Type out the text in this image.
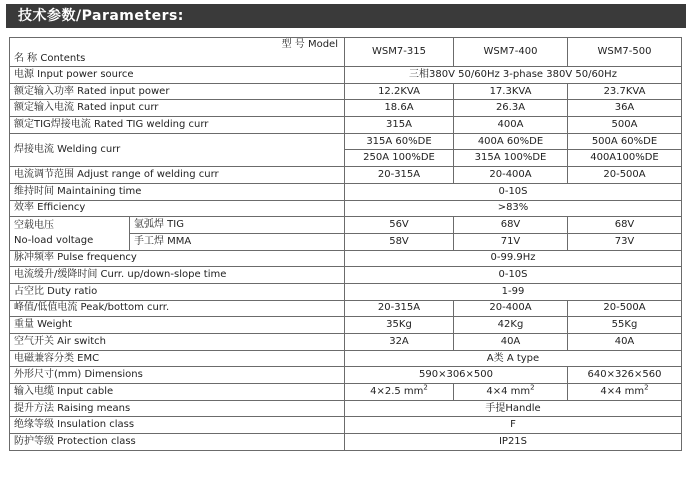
技术参数/Parameters:
型 号 Model
名 称 Contents		WSM7-315	WSM7-400	WSM7-500
电源 Input power source		三相380V 50/60Hz 3-phase 380V 50/60Hz		
额定输入功率 Rated input power		12.2KVA	17.3KVA	23.7KVA
额定输入电流 Rated input curr		18.6A	26.3A	36A
额定TIG焊接电流 Rated TIG welding curr		315A	400A	500A
焊接电流 Welding curr		315A 60%DE	400A 60%DE	500A 60%DE
		250A 100%DE	315A 100%DE	400A100%DE
电流调节范围 Adjust range of welding curr		20-315A	20-400A	20-500A
维持时间 Maintaining time		0-10S		
效率 Efficiency		>83%		
空载电压
No-load voltage	氩弧焊 TIG	56V	68V	68V
	手工焊 MMA	58V	71V	73V
脉冲频率 Pulse frequency		0-99.9Hz		
电流缓升/缓降时间 Curr. up/down-slope time		0-10S		
占空比 Duty ratio		1-99		
峰值/低值电流 Peak/bottom curr.		20-315A	20-400A	20-500A
重量 Weight		35Kg	42Kg	55Kg
空气开关 Air switch		32A	40A	40A
电磁兼容分类 EMC		A类 A type		
外形尺寸(mm) Dimensions		590×306×500		640×326×560
输入电缆 Input cable		4×2.5 $mm^2$	4×4 $mm^2$	4×4 $mm^2$
提升方法 Raising means		手提Handle		
绝缘等级 Insulation class		F		
防护等级 Protection class		IP21S		
